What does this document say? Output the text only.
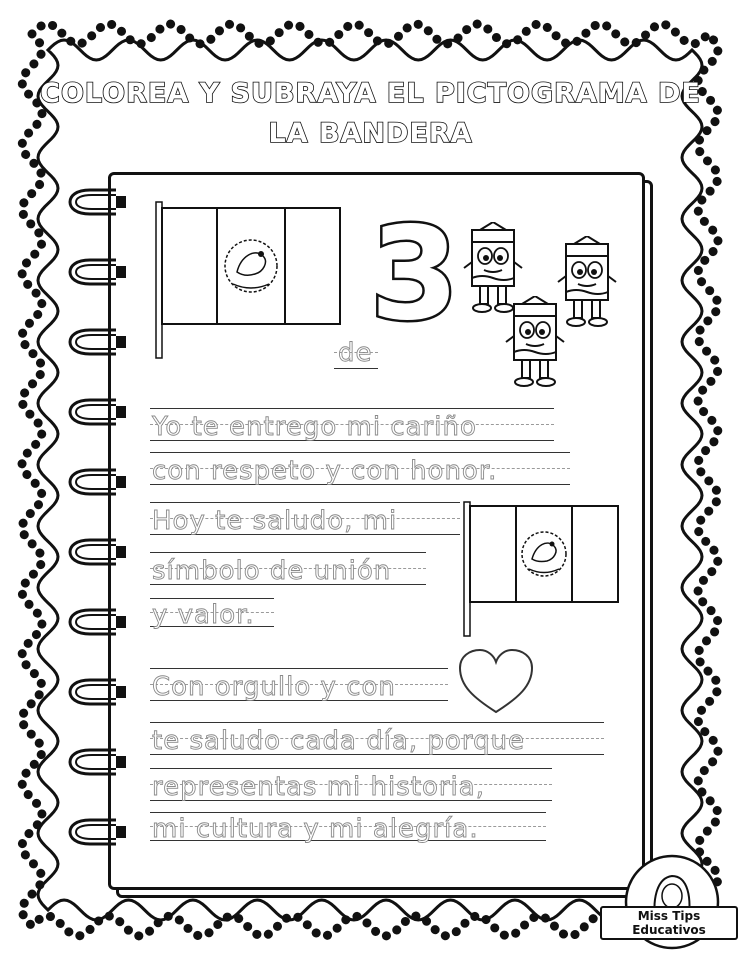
COLOREA Y SUBRAYA EL PICTOGRAMA DE
LA BANDERA
3
de
Yo te entrego mi cariño
con respeto y con honor.
Hoy te saludo, mi
símbolo de unión
y valor.
Con orgullo y con
te saludo cada día, porque
representas mi historia,
mi cultura y mi alegría.
Miss Tips Educativos
